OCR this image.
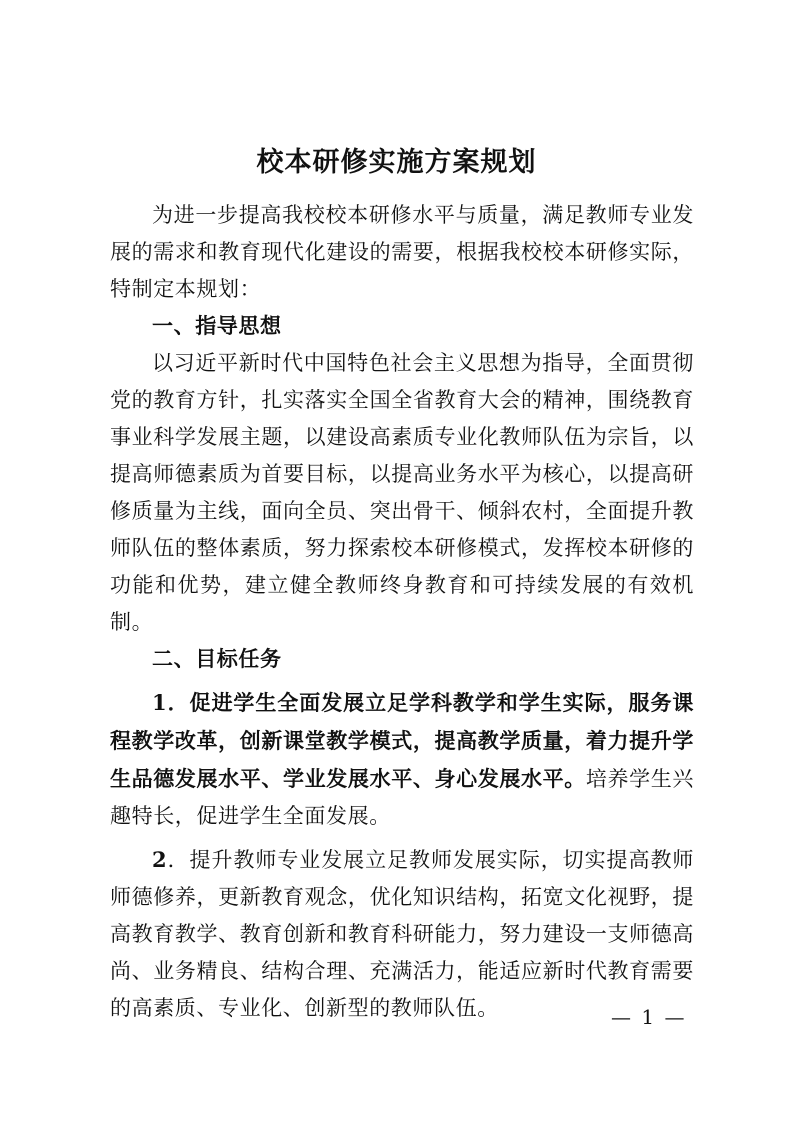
校本研修实施方案规划

为进一步提高我校校本研修水平与质量，满足教师专业发展的需求和教育现代化建设的需要，根据我校校本研修实际，特制定本规划：

一、指导思想

以习近平新时代中国特色社会主义思想为指导，全面贯彻党的教育方针，扎实落实全国全省教育大会的精神，围绕教育事业科学发展主题，以建设高素质专业化教师队伍为宗旨，以提高师德素质为首要目标，以提高业务水平为核心，以提高研修质量为主线，面向全员、突出骨干、倾斜农村，全面提升教师队伍的整体素质，努力探索校本研修模式，发挥校本研修的功能和优势，建立健全教师终身教育和可持续发展的有效机制。

二、目标任务

1．促进学生全面发展立足学科教学和学生实际，服务课程教学改革，创新课堂教学模式，提高教学质量，着力提升学生品德发展水平、学业发展水平、身心发展水平。培养学生兴趣特长，促进学生全面发展。

2．提升教师专业发展立足教师发展实际，切实提高教师师德修养，更新教育观念，优化知识结构，拓宽文化视野，提高教育教学、教育创新和教育科研能力，努力建设一支师德高尚、业务精良、结构合理、充满活力，能适应新时代教育需要的高素质、专业化、创新型的教师队伍。	— 1 —
